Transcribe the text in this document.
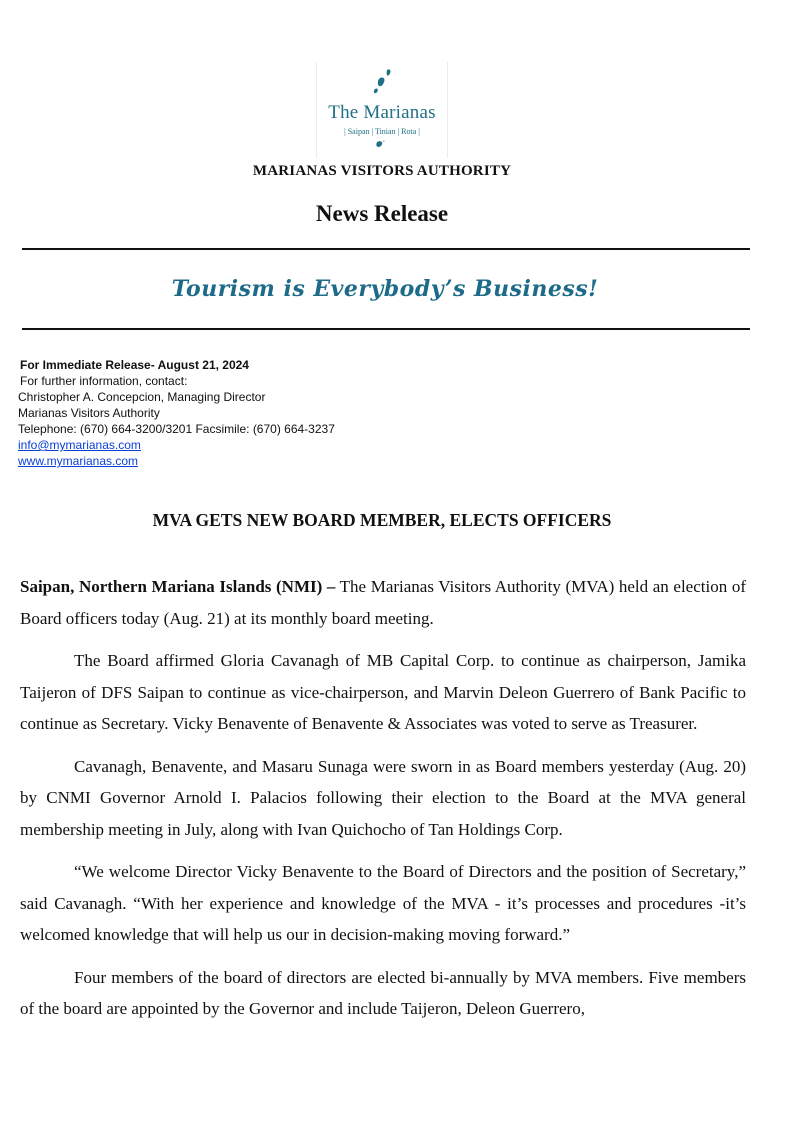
The Marianas
| Saipan | Tinian | Rota |
MARIANAS VISITORS AUTHORITY
News Release
Tourism is Everybody’s Business!
For Immediate Release- August 21, 2024
For further information, contact:
Christopher A. Concepcion, Managing Director
Marianas Visitors Authority
Telephone: (670) 664-3200/3201 Facsimile: (670) 664-3237
info@mymarianas.com
www.mymarianas.com
MVA GETS NEW BOARD MEMBER, ELECTS OFFICERS

Saipan, Northern Mariana Islands (NMI) – The Marianas Visitors Authority (MVA) held an election of Board officers today (Aug. 21) at its monthly board meeting.

The Board affirmed Gloria Cavanagh of MB Capital Corp. to continue as chairperson, Jamika Taijeron of DFS Saipan to continue as vice-chairperson, and Marvin Deleon Guerrero of Bank Pacific to continue as Secretary. Vicky Benavente of Benavente & Associates was voted to serve as Treasurer.

Cavanagh, Benavente, and Masaru Sunaga were sworn in as Board members yesterday (Aug. 20) by CNMI Governor Arnold I. Palacios following their election to the Board at the MVA general membership meeting in July, along with Ivan Quichocho of Tan Holdings Corp.

“We welcome Director Vicky Benavente to the Board of Directors and the position of Secretary,” said Cavanagh. “With her experience and knowledge of the MVA - it’s processes and procedures -it’s welcomed knowledge that will help us our in decision-making moving forward.”

Four members of the board of directors are elected bi-annually by MVA members. Five members of the board are appointed by the Governor and include Taijeron, Deleon Guerrero,
